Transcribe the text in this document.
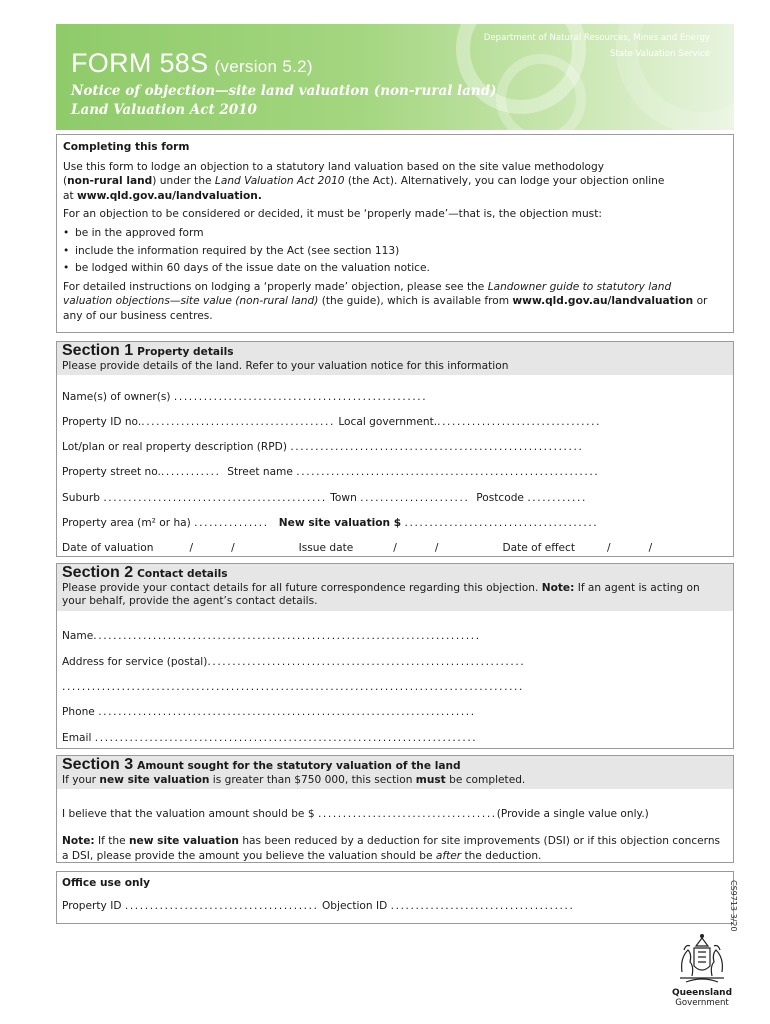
FORM 58S (version 5.2)
Notice of objection—site land valuation (non-rural land)
Land Valuation Act 2010
Department of Natural Resources, Mines and Energy
State Valuation Service
Completing this form

Use this form to lodge an objection to a statutory land valuation based on the site value methodology
(non-rural land) under the Land Valuation Act 2010 (the Act). Alternatively, you can lodge your objection online
at www.qld.gov.au/landvaluation.

For an objection to be considered or decided, it must be ‘properly made’—that is, the objection must:

• be in the approved form
• include the information required by the Act (see section 113)
• be lodged within 60 days of the issue date on the valuation notice.

For detailed instructions on lodging a ‘properly made’ objection, please see the Landowner guide to statutory land
valuation objections—site value (non-rural land) (the guide), which is available from www.qld.gov.au/landvaluation or
any of our business centres.

Section 1 Property details
Please provide details of the land. Refer to your valuation notice for this information
Name(s) of owner(s) ...................................................
Property ID no........................................ Local government..................................
Lot/plan or real property description (RPD) ...........................................................
Property street no............. Street name .............................................................
Suburb ............................................. Town ...................... Postcode ............
Property area (m² or ha) ............... New site valuation $ .......................................
Date of valuation	/	/	Issue date	/	/	Date of effect	/	/
Section 2 Contact details
Please provide your contact details for all future correspondence regarding this objection. Note: If an agent is acting on
your behalf, provide the agent’s contact details.
Name..............................................................................
Address for service (postal)................................................................
.............................................................................................
Phone ............................................................................
Email .............................................................................
Section 3 Amount sought for the statutory valuation of the land
If your new site valuation is greater than $750 000, this section must be completed.
I believe that the valuation amount should be $ ....................................(Provide a single value only.)
Note: If the new site valuation has been reduced by a deduction for site improvements (DSI) or if this objection concerns
a DSI, please provide the amount you believe the valuation should be after the deduction.
Office use only
Property ID ....................................... Objection ID .....................................	CS9713 3/20
Queensland
Government
